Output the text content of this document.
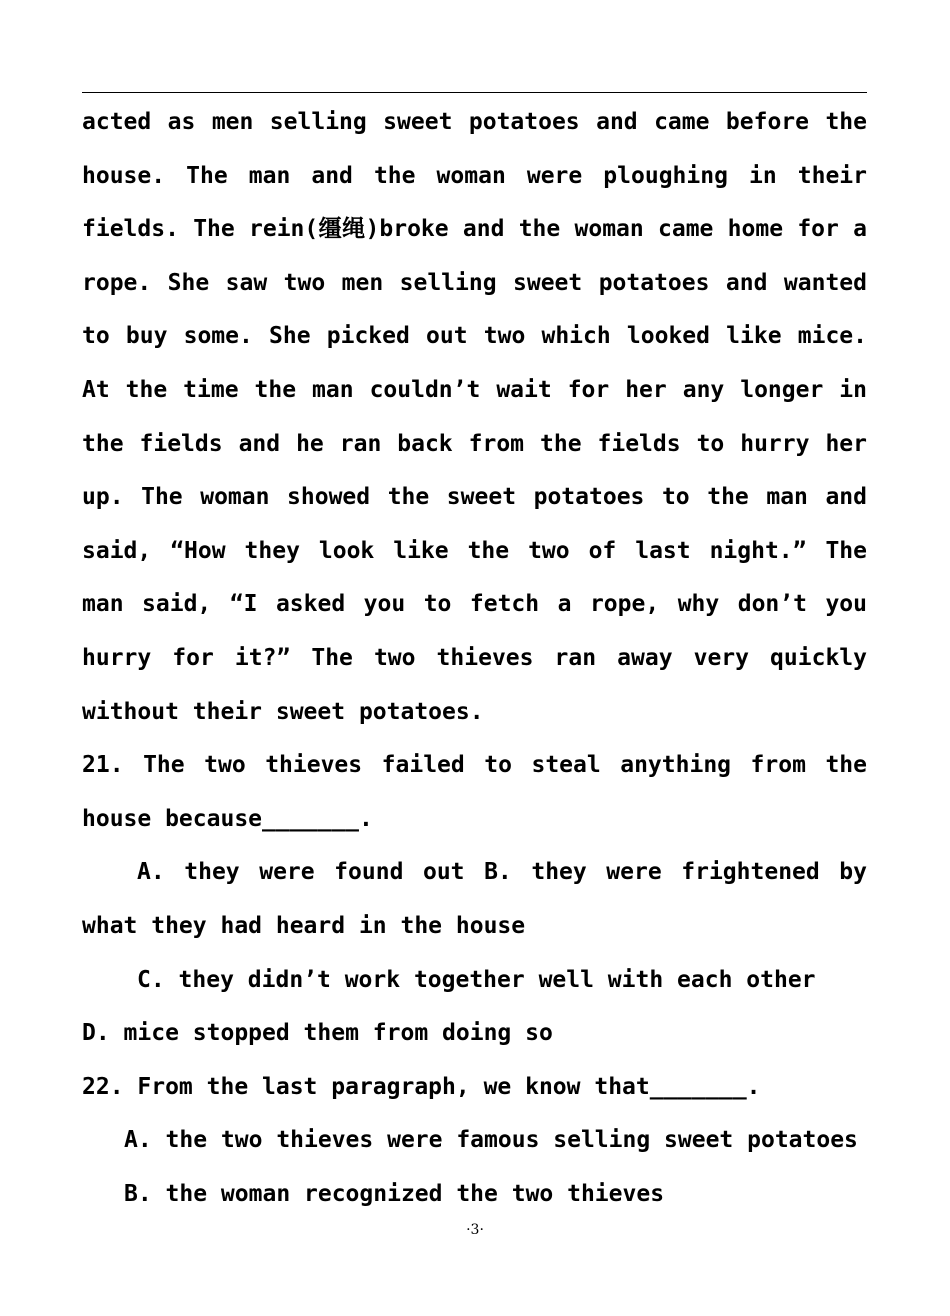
acted as men selling sweet potatoes and came before the
house. The man and the woman were ploughing in their
fields. The rein(缰绳)broke and the woman came home for a
rope. She saw two men selling sweet potatoes and wanted
to buy some. She picked out two which looked like mice.
At the time the man couldn’t wait for her any longer in
the fields and he ran back from the fields to hurry her
up. The woman showed the sweet potatoes to the man and
said, “How they look like the two of last night.” The
man said, “I asked you to fetch a rope, why don’t you
hurry for it?” The two thieves ran away very quickly
without their sweet potatoes.
21. The two thieves failed to steal anything from the
house because_______.
A. they were found out B. they were frightened by
what they had heard in the house
C. they didn’t work together well with each other
D. mice stopped them from doing so
22. From the last paragraph, we know that_______.
A. the two thieves were famous selling sweet potatoes
B. the woman recognized the two thieves
·3·
